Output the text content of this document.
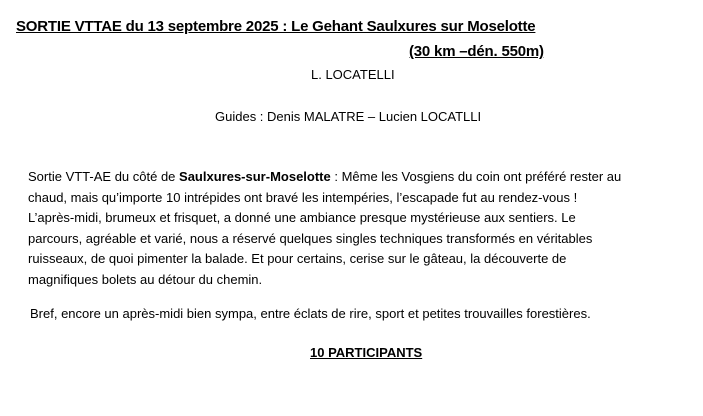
SORTIE VTTAE du 13 septembre 2025 : Le Gehant Saulxures sur Moselotte
(30 km –dén. 550m)
L. LOCATELLI
Guides : Denis MALATRE – Lucien LOCATLLI
Sortie VTT-AE du côté de Saulxures-sur-Moselotte : Même les Vosgiens du coin ont préféré rester au
chaud, mais qu’importe 10 intrépides ont bravé les intempéries, l’escapade fut au rendez-vous !
L’après-midi, brumeux et frisquet, a donné une ambiance presque mystérieuse aux sentiers. Le
parcours, agréable et varié, nous a réservé quelques singles techniques transformés en véritables
ruisseaux, de quoi pimenter la balade. Et pour certains, cerise sur le gâteau, la découverte de
magnifiques bolets au détour du chemin.
Bref, encore un après-midi bien sympa, entre éclats de rire, sport et petites trouvailles forestières.
10 PARTICIPANTS
